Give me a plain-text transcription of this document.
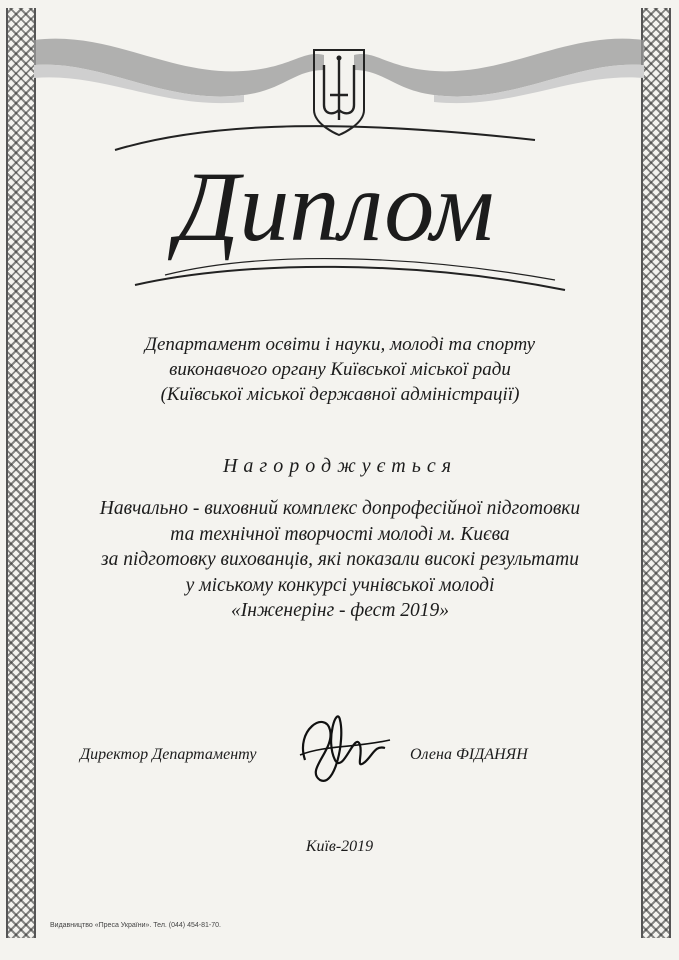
Диплом
Департамент освіти і науки, молоді та спорту
виконавчого органу Київської міської ради
(Київської міської державної адміністрації)
Нагороджується
Навчально - виховний комплекс допрофесійної підготовки
та технічної творчості молоді м. Києва
за підготовку вихованців, які показали високі результати
у міському конкурсі учнівської молоді
«Інженерінг - фест 2019»
Директор Департаменту	Олена ФІДАНЯН
Київ-2019
Видавництво «Преса України». Тел. (044) 454-81-70.
